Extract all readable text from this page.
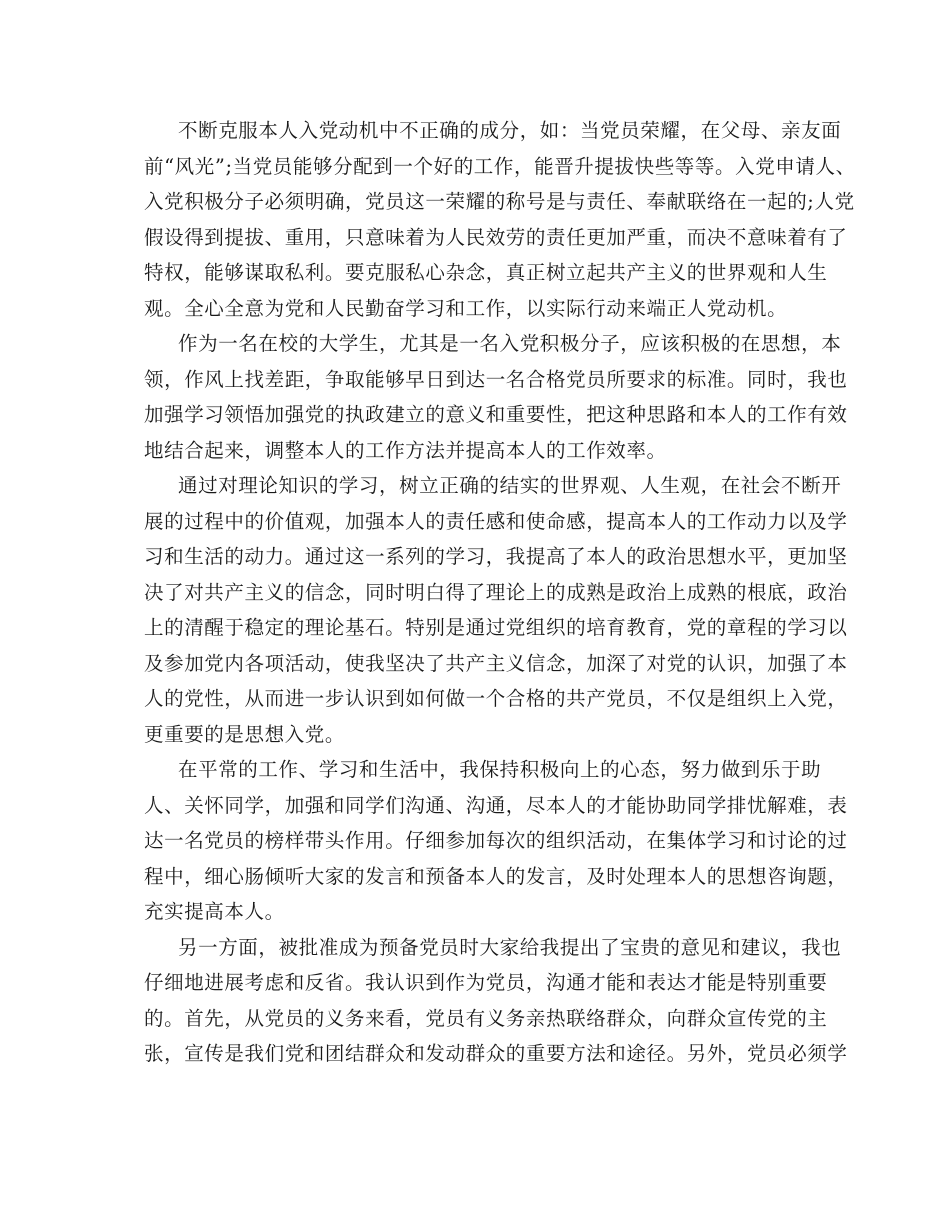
不断克服本人入党动机中不正确的成分，如：当党员荣耀，在父母、亲友面
前“风光”;当党员能够分配到一个好的工作，能晋升提拔快些等等。入党申请人、
入党积极分子必须明确，党员这一荣耀的称号是与责任、奉献联络在一起的;人党
假设得到提拔、重用，只意味着为人民效劳的责任更加严重，而决不意味着有了
特权，能够谋取私利。要克服私心杂念，真正树立起共产主义的世界观和人生
观。全心全意为党和人民勤奋学习和工作，以实际行动来端正人党动机。
作为一名在校的大学生，尤其是一名入党积极分子，应该积极的在思想，本
领，作风上找差距，争取能够早日到达一名合格党员所要求的标准。同时，我也
加强学习领悟加强党的执政建立的意义和重要性，把这种思路和本人的工作有效
地结合起来，调整本人的工作方法并提高本人的工作效率。
通过对理论知识的学习，树立正确的结实的世界观、人生观，在社会不断开
展的过程中的价值观，加强本人的责任感和使命感，提高本人的工作动力以及学
习和生活的动力。通过这一系列的学习，我提高了本人的政治思想水平，更加坚
决了对共产主义的信念，同时明白得了理论上的成熟是政治上成熟的根底，政治
上的清醒于稳定的理论基石。特别是通过党组织的培育教育，党的章程的学习以
及参加党内各项活动，使我坚决了共产主义信念，加深了对党的认识，加强了本
人的党性，从而进一步认识到如何做一个合格的共产党员，不仅是组织上入党，
更重要的是思想入党。
在平常的工作、学习和生活中，我保持积极向上的心态，努力做到乐于助
人、关怀同学，加强和同学们沟通、沟通，尽本人的才能协助同学排忧解难，表
达一名党员的榜样带头作用。仔细参加每次的组织活动，在集体学习和讨论的过
程中，细心肠倾听大家的发言和预备本人的发言，及时处理本人的思想咨询题，
充实提高本人。
另一方面，被批准成为预备党员时大家给我提出了宝贵的意见和建议，我也
仔细地进展考虑和反省。我认识到作为党员，沟通才能和表达才能是特别重要
的。首先，从党员的义务来看，党员有义务亲热联络群众，向群众宣传党的主
张，宣传是我们党和团结群众和发动群众的重要方法和途径。另外，党员必须学
